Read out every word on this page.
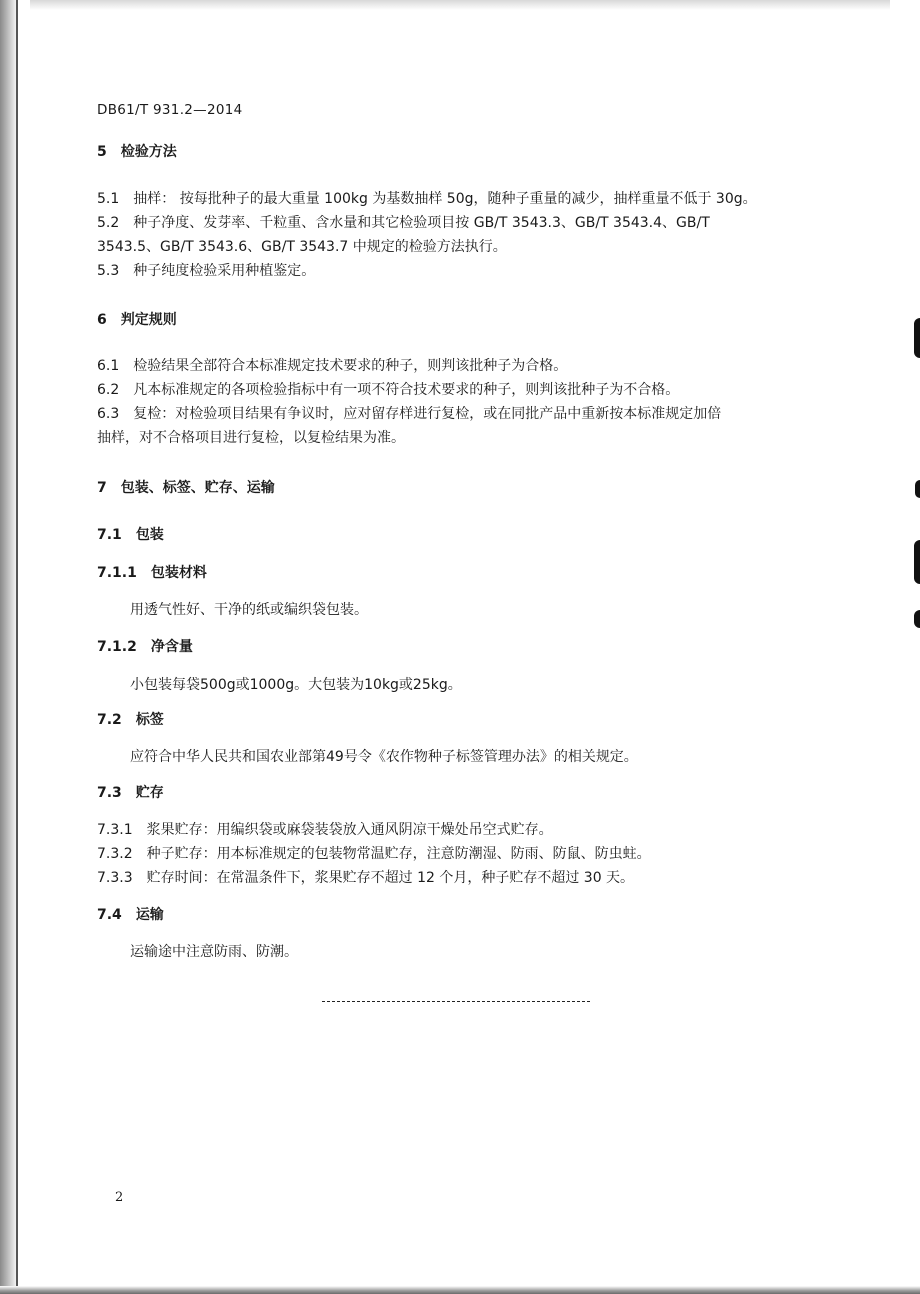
DB61/T 931.2—2014
5 检验方法
5.1 抽样： 按每批种子的最大重量 100kg 为基数抽样 50g，随种子重量的减少，抽样重量不低于 30g。
5.2 种子净度、发芽率、千粒重、含水量和其它检验项目按 GB/T 3543.3、GB/T 3543.4、GB/T
3543.5、GB/T 3543.6、GB/T 3543.7 中规定的检验方法执行。
5.3 种子纯度检验采用种植鉴定。
6 判定规则
6.1 检验结果全部符合本标准规定技术要求的种子，则判该批种子为合格。
6.2 凡本标准规定的各项检验指标中有一项不符合技术要求的种子，则判该批种子为不合格。
6.3 复检：对检验项目结果有争议时，应对留存样进行复检，或在同批产品中重新按本标准规定加倍
抽样，对不合格项目进行复检，以复检结果为准。
7 包装、标签、贮存、运输
7.1 包装
7.1.1 包装材料
用透气性好、干净的纸或编织袋包装。
7.1.2 净含量
小包装每袋500g或1000g。大包装为10kg或25kg。
7.2 标签
应符合中华人民共和国农业部第49号令《农作物种子标签管理办法》的相关规定。
7.3 贮存
7.3.1 浆果贮存：用编织袋或麻袋装袋放入通风阴凉干燥处吊空式贮存。
7.3.2 种子贮存：用本标准规定的包装物常温贮存，注意防潮湿、防雨、防鼠、防虫蛀。
7.3.3 贮存时间：在常温条件下，浆果贮存不超过 12 个月，种子贮存不超过 30 天。
7.4 运输
运输途中注意防雨、防潮。
2
